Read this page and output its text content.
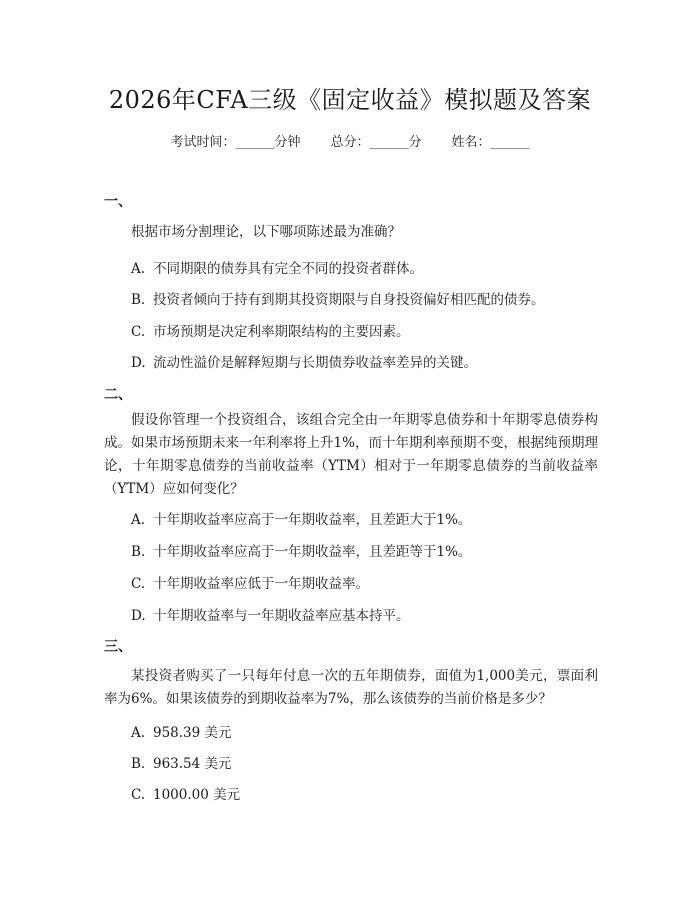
2026年CFA三级《固定收益》模拟题及答案
考试时间：______分钟 总分：______分 姓名：______
一、
根据市场分割理论，以下哪项陈述最为准确？
A. 不同期限的债券具有完全不同的投资者群体。
B. 投资者倾向于持有到期其投资期限与自身投资偏好相匹配的债券。
C. 市场预期是决定利率期限结构的主要因素。
D. 流动性溢价是解释短期与长期债券收益率差异的关键。
二、
假设你管理一个投资组合，该组合完全由一年期零息债券和十年期零息债券构成。如果市场预期未来一年利率将上升1%，而十年期利率预期不变，根据纯预期理论，十年期零息债券的当前收益率（YTM）相对于一年期零息债券的当前收益率（YTM）应如何变化？
A. 十年期收益率应高于一年期收益率，且差距大于1%。
B. 十年期收益率应高于一年期收益率，且差距等于1%。
C. 十年期收益率应低于一年期收益率。
D. 十年期收益率与一年期收益率应基本持平。
三、
某投资者购买了一只每年付息一次的五年期债券，面值为1,000美元，票面利率为6%。如果该债券的到期收益率为7%，那么该债券的当前价格是多少？
A. 958.39 美元
B. 963.54 美元
C. 1000.00 美元
